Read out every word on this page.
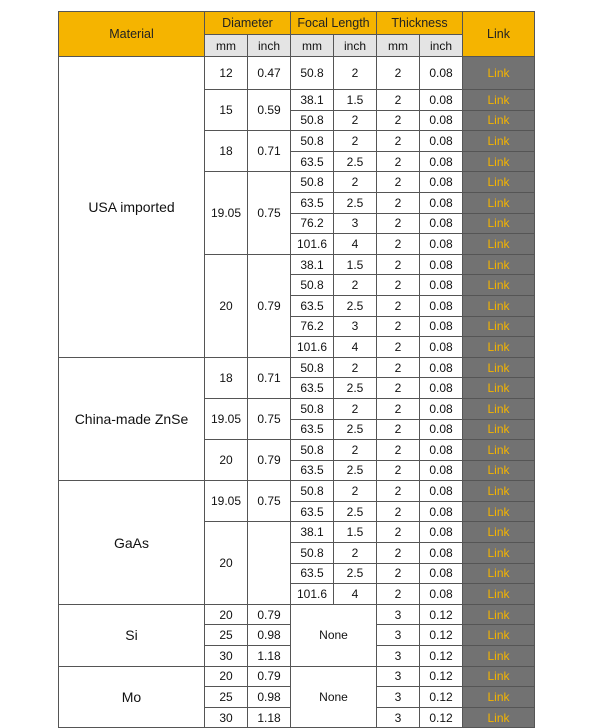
Material	Diameter		Focal Length		Thickness		Link
	mm	inch	mm	inch	mm	inch	
USA imported	12	0.47	50.8	2	2	0.08	Link
	15	0.59	38.1	1.5	2	0.08	Link
			50.8	2	2	0.08	Link
	18	0.71	50.8	2	2	0.08	Link
			63.5	2.5	2	0.08	Link
	19.05	0.75	50.8	2	2	0.08	Link
			63.5	2.5	2	0.08	Link
			76.2	3	2	0.08	Link
			101.6	4	2	0.08	Link
	20	0.79	38.1	1.5	2	0.08	Link
			50.8	2	2	0.08	Link
			63.5	2.5	2	0.08	Link
			76.2	3	2	0.08	Link
			101.6	4	2	0.08	Link
China-made ZnSe	18	0.71	50.8	2	2	0.08	Link
			63.5	2.5	2	0.08	Link
	19.05	0.75	50.8	2	2	0.08	Link
			63.5	2.5	2	0.08	Link
	20	0.79	50.8	2	2	0.08	Link
			63.5	2.5	2	0.08	Link
GaAs	19.05	0.75	50.8	2	2	0.08	Link
			63.5	2.5	2	0.08	Link
	20		38.1	1.5	2	0.08	Link
			50.8	2	2	0.08	Link
			63.5	2.5	2	0.08	Link
			101.6	4	2	0.08	Link
Si	20	0.79	None		3	0.12	Link
	25	0.98			3	0.12	Link
	30	1.18			3	0.12	Link
Mo	20	0.79	None		3	0.12	Link
	25	0.98			3	0.12	Link
	30	1.18			3	0.12	Link
